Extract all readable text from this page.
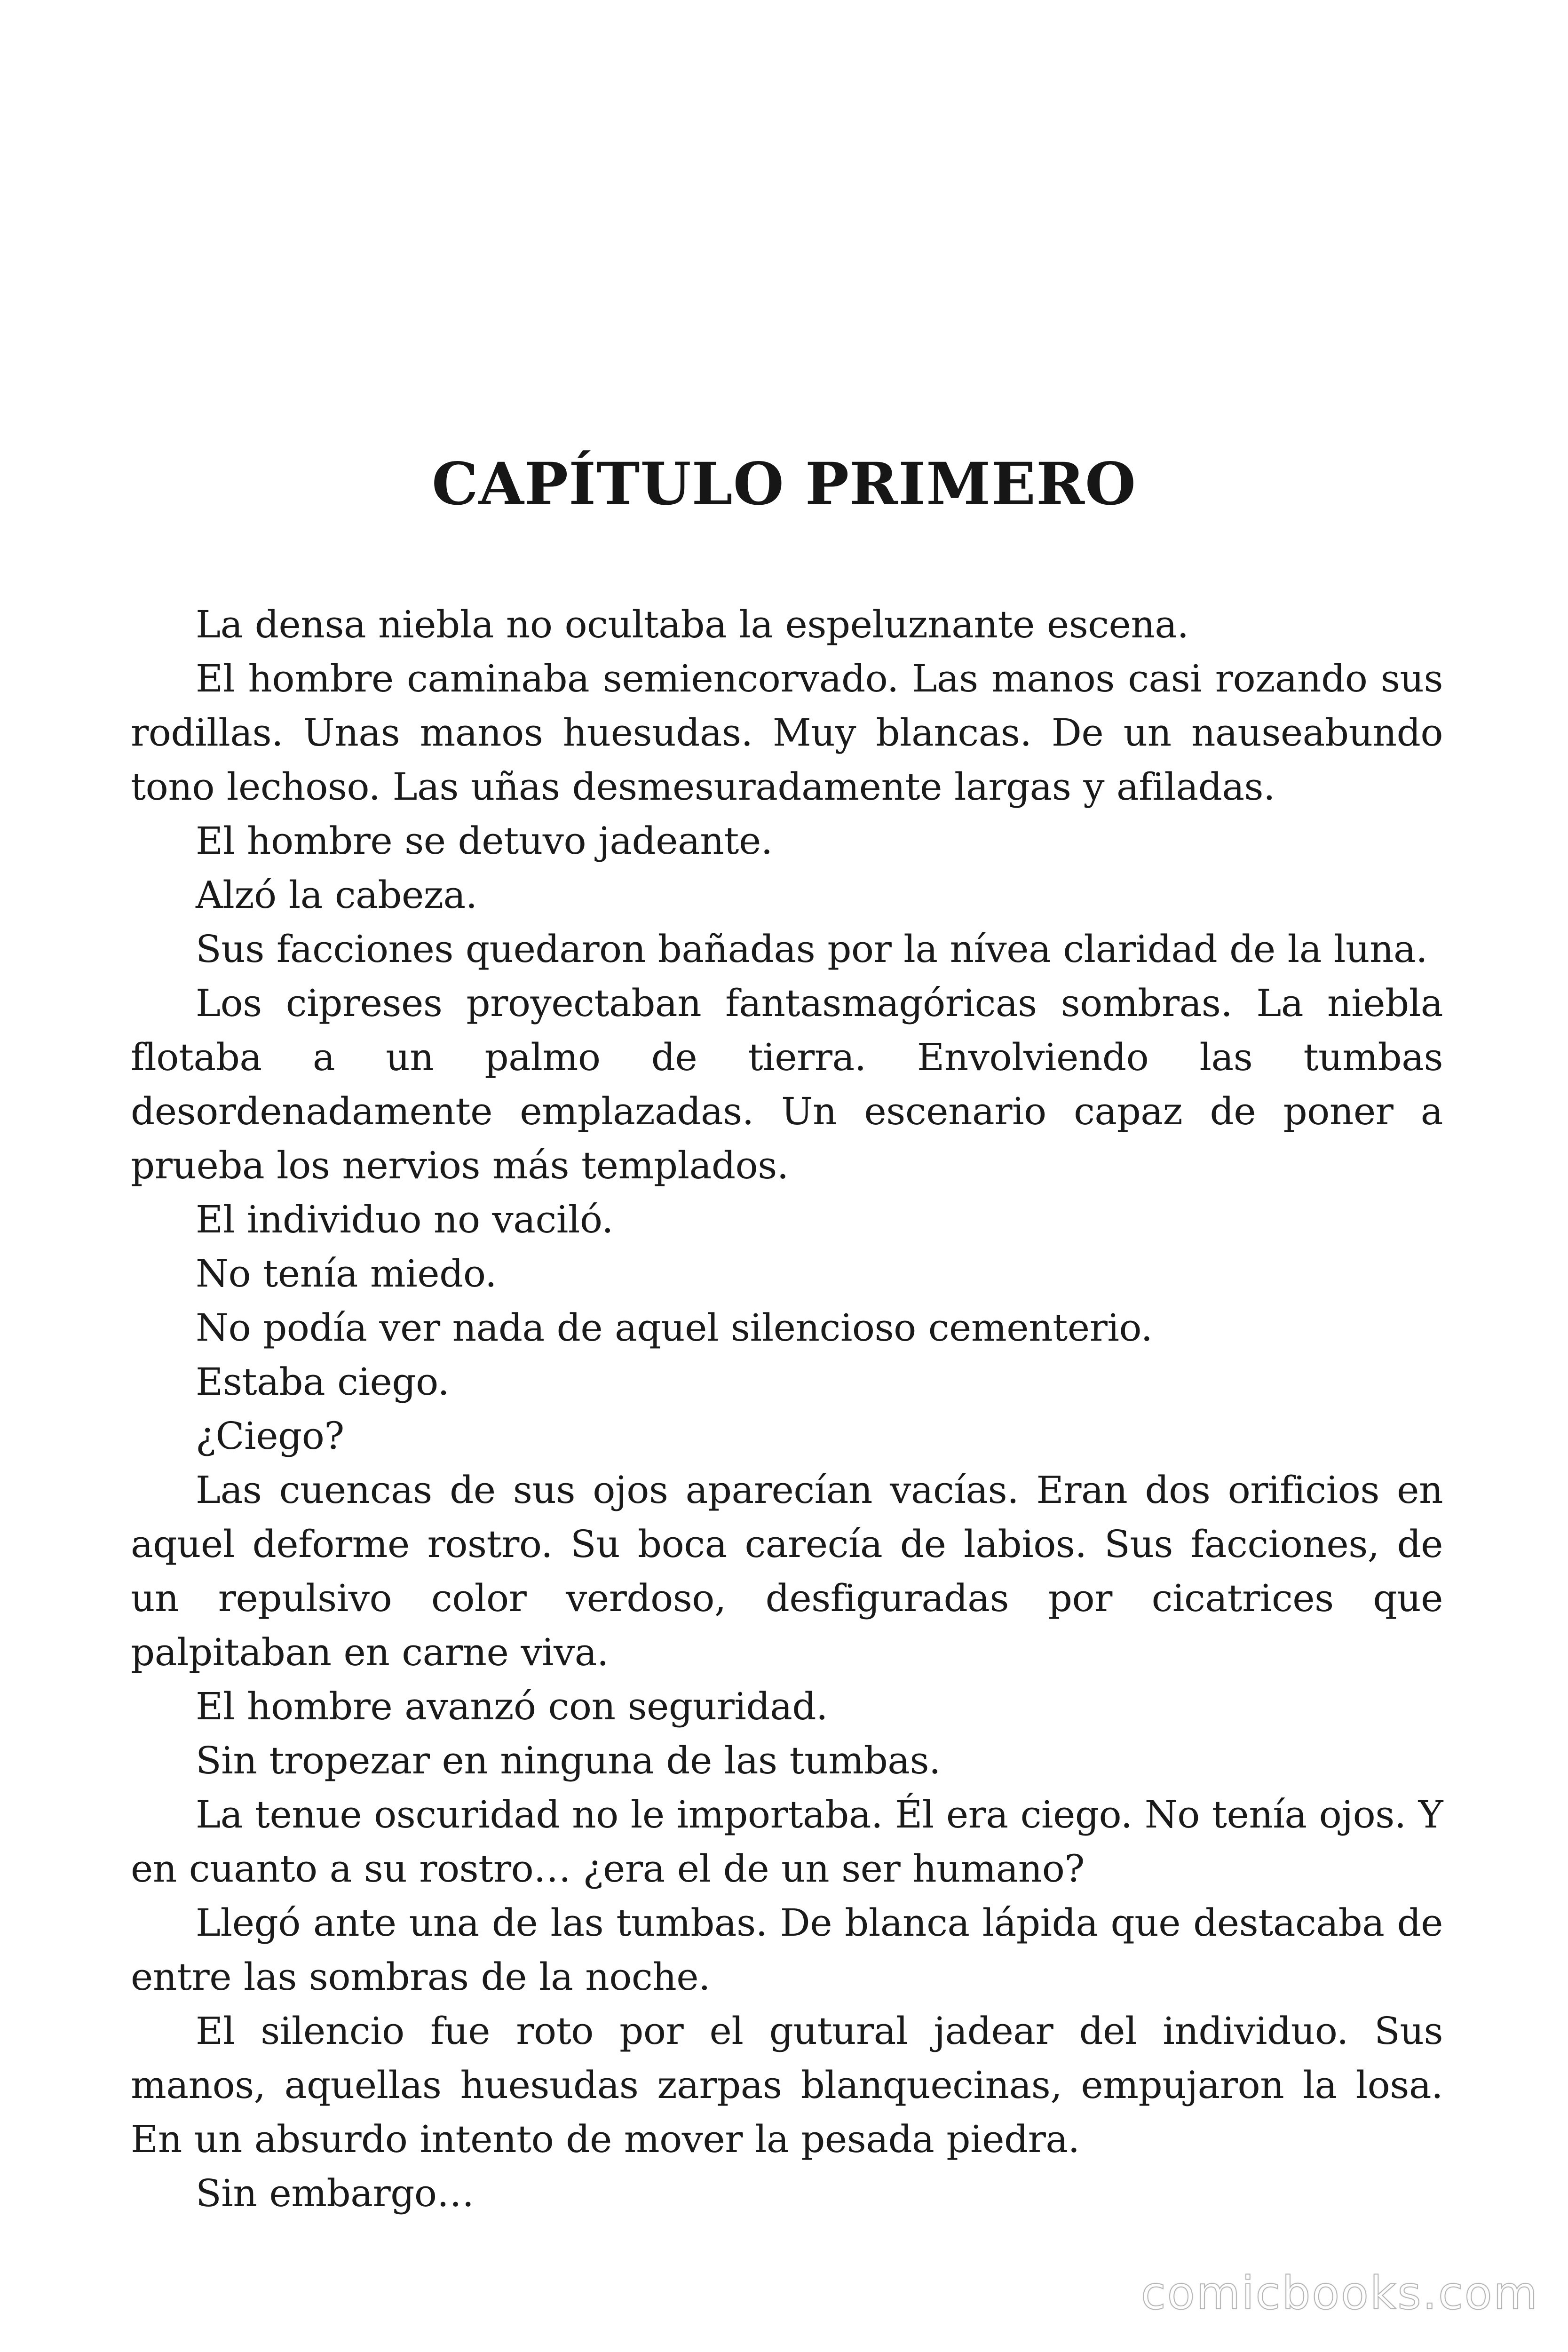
CAPÍTULO PRIMERO

La densa niebla no ocultaba la espeluznante escena.

El hombre caminaba semiencorvado. Las manos casi rozando sus rodillas. Unas manos huesudas. Muy blancas. De un nauseabundo tono lechoso. Las uñas desmesuradamente largas y afiladas.

El hombre se detuvo jadeante.

Alzó la cabeza.

Sus facciones quedaron bañadas por la nívea claridad de la luna.

Los cipreses proyectaban fantasmagóricas sombras. La niebla flotaba a un palmo de tierra. Envolviendo las tumbas desordenadamente emplazadas. Un escenario capaz de poner a prueba los nervios más templados.

El individuo no vaciló.

No tenía miedo.

No podía ver nada de aquel silencioso cementerio.

Estaba ciego.

¿Ciego?

Las cuencas de sus ojos aparecían vacías. Eran dos orificios en aquel deforme rostro. Su boca carecía de labios. Sus facciones, de un repulsivo color verdoso, desfiguradas por cicatrices que palpitaban en carne viva.

El hombre avanzó con seguridad.

Sin tropezar en ninguna de las tumbas.

La tenue oscuridad no le importaba. Él era ciego. No tenía ojos. Y en cuanto a su rostro… ¿era el de un ser humano?

Llegó ante una de las tumbas. De blanca lápida que destacaba de entre las sombras de la noche.

El silencio fue roto por el gutural jadear del individuo. Sus manos, aquellas huesudas zarpas blanquecinas, empujaron la losa. En un absurdo intento de mover la pesada piedra.

Sin embargo…

comicbooks.com
